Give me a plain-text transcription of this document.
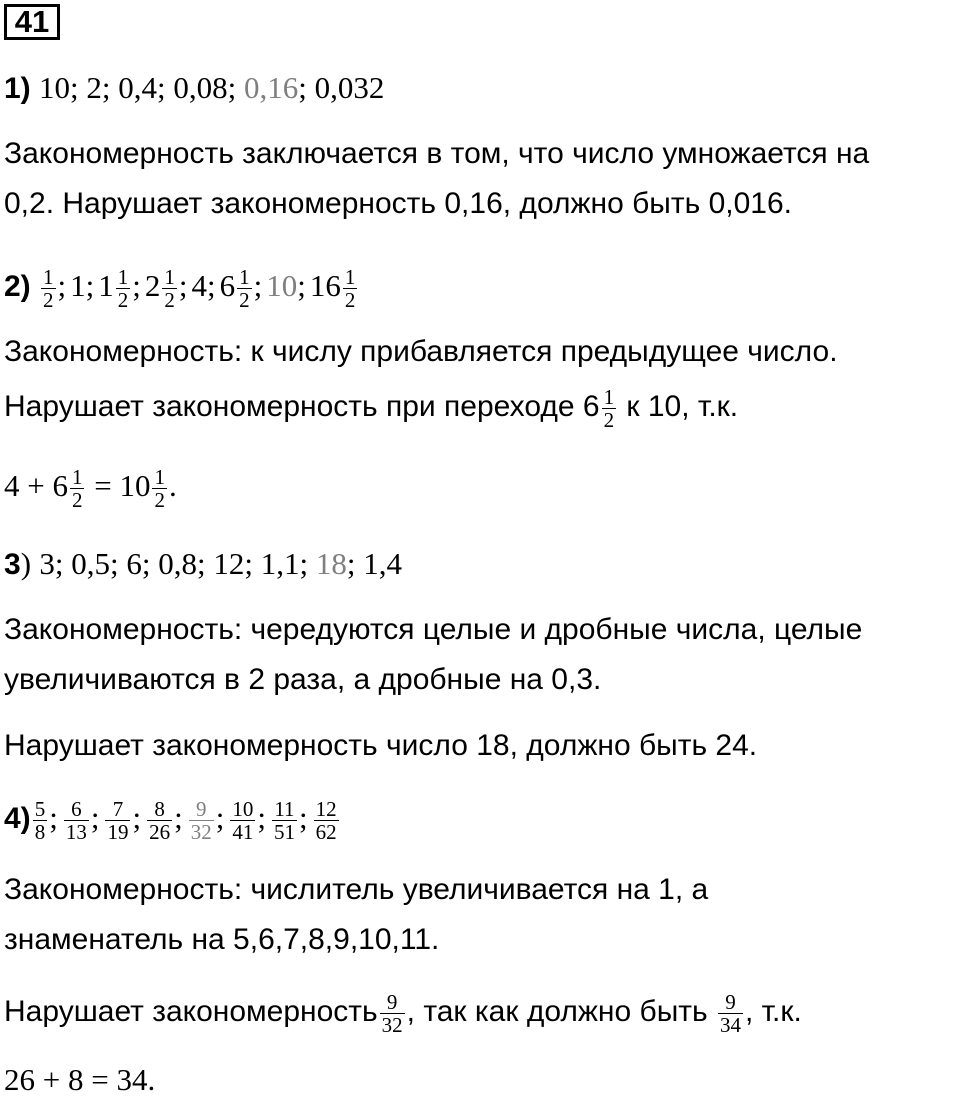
41
1) 10; 2; 0,4; 0,08; 0,16; 0,032
Закономерность заключается в том, что число умножается на
0,2. Нарушает закономерность 0,16, должно быть 0,016.
$2) \frac{1}{2}$ ; 1; $1 \frac{1}{2}$ ; $2 \frac{1}{2}$ ; 4; $6 \frac{1}{2}$ ; 10; $16 \frac{1}{2}$
Закономерность: к числу прибавляется предыдущее число.
Нарушает закономерность при переходе $6 \frac{1}{2}$ к 10, т.к.
$4 + 6 \frac{1}{2} = 10 \frac{1}{2}$ .
3) 3; 0,5; 6; 0,8; 12; 1,1; 18; 1,4
Закономерность: чередуются целые и дробные числа, целые
увеличиваются в 2 раза, а дробные на 0,3.
Нарушает закономерность число 18, должно быть 24.
$4) \frac{5}{8}$ ; $\frac{6}{13}$ ; $\frac{7}{19}$ ; $\frac{8}{26}$ ; $\frac{9}{32}$ ; $\frac{10}{41}$ ; $\frac{11}{51}$ ; $\frac{12}{62}$
Закономерность: числитель увеличивается на 1, а
знаменатель на 5,6,7,8,9,10,11.
Нарушает закономерность $\frac{9}{32}$ , так как должно быть $\frac{9}{34}$ , т.к.
26 + 8 = 34.
